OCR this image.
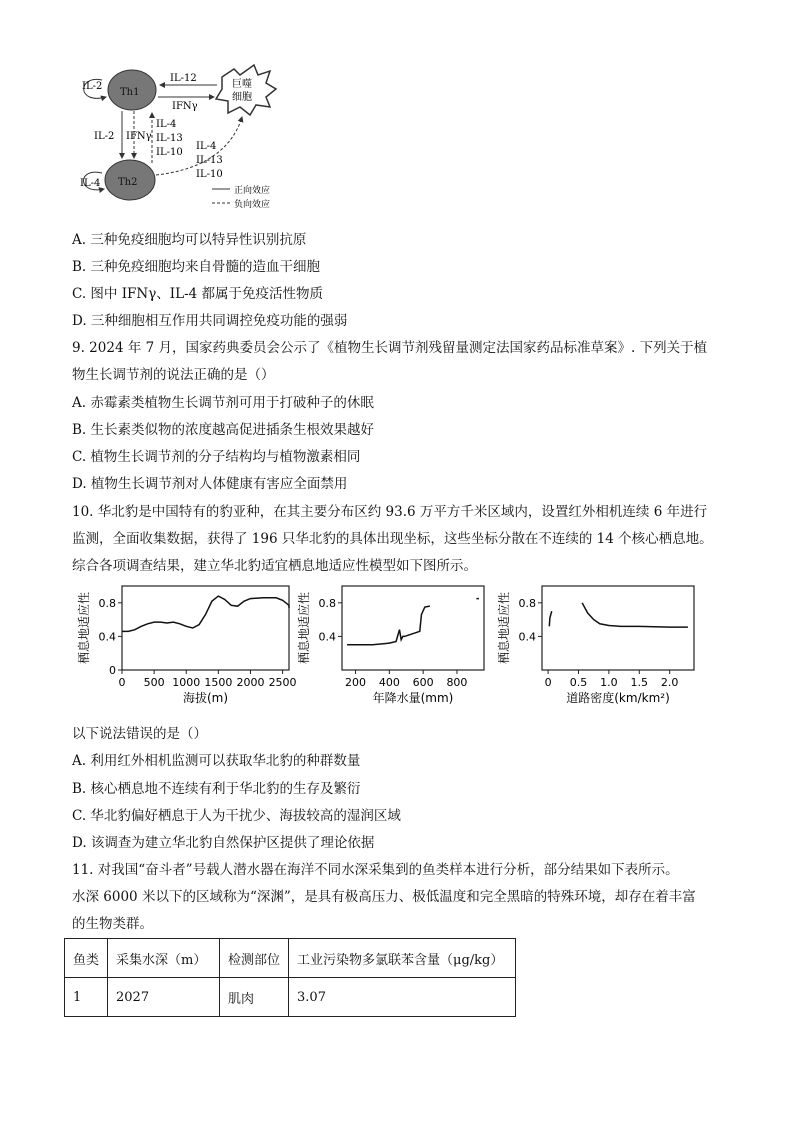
Th1
Th2
巨噬
细胞
IL-2
IL-4
IL-12
IFNγ
IL-2 IFNγ
IL-4
IL-13
IL-10
IL-4
IL-13
IL-10
正向效应
负向效应
A. 三种免疫细胞均可以特异性识别抗原
B. 三种免疫细胞均来自骨髓的造血干细胞
C. 图中 IFNγ、IL-4 都属于免疫活性物质
D. 三种细胞相互作用共同调控免疫功能的强弱
9. 2024 年 7 月，国家药典委员会公示了《植物生长调节剂残留量测定法国家药品标准草案》. 下列关于植
物生长调节剂的说法正确的是（）
A. 赤霉素类植物生长调节剂可用于打破种子的休眠
B. 生长素类似物的浓度越高促进插条生根效果越好
C. 植物生长调节剂的分子结构均与植物激素相同
D. 植物生长调节剂对人体健康有害应全面禁用
10. 华北豹是中国特有的豹亚种，在其主要分布区约 93.6 万平方千米区域内，设置红外相机连续 6 年进行
监测，全面收集数据，获得了 196 只华北豹的具体出现坐标，这些坐标分散在不连续的 14 个核心栖息地。
综合各项调查结果，建立华北豹适宜栖息地适应性模型如下图所示。
0 500 1000 1500 2000 2500
0
0.4
0.8
海拔(m)
栖息地适应性
200 400 600 800
0.4
0.8
年降水量(mm)
栖息地适应性
0 0.5 1.0 1.5 2.0
0.4
0.8
道路密度(km/km²)
栖息地适应性
以下说法错误的是（）
A. 利用红外相机监测可以获取华北豹的种群数量
B. 核心栖息地不连续有利于华北豹的生存及繁衍
C. 华北豹偏好栖息于人为干扰少、海拔较高的湿润区域
D. 该调查为建立华北豹自然保护区提供了理论依据
11. 对我国“奋斗者”号载人潜水器在海洋不同水深采集到的鱼类样本进行分析，部分结果如下表所示。
水深 6000 米以下的区域称为“深渊”，是具有极高压力、极低温度和完全黑暗的特殊环境，却存在着丰富
的生物类群。
鱼类	采集水深（m）	检测部位	工业污染物多氯联苯含量（μg/kg）
1	2027	肌肉	3.07
